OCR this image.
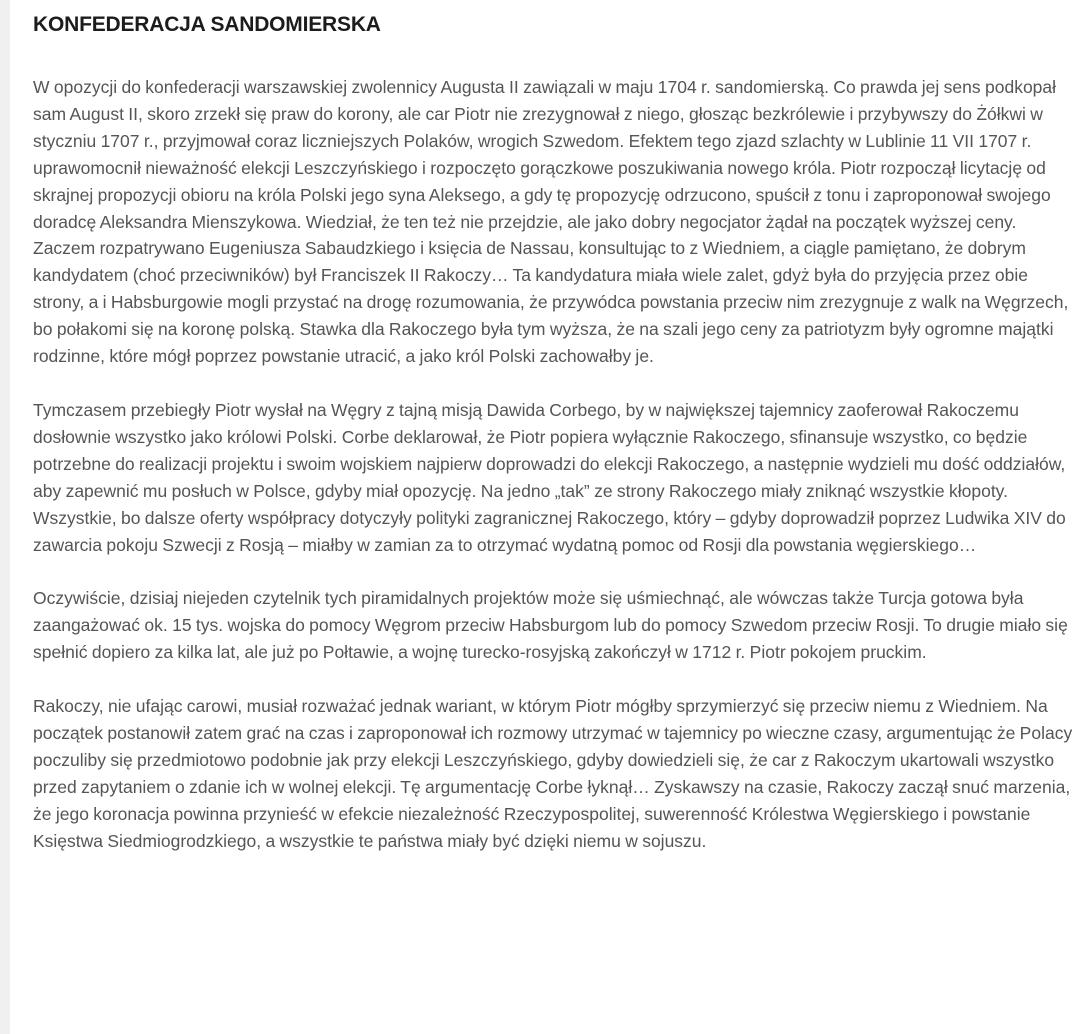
KONFEDERACJA SANDOMIERSKA

W opozycji do konfederacji warszawskiej zwolennicy Augusta II zawiązali w maju 1704 r. sandomierską. Co prawda jej sens podkopał sam August II, skoro zrzekł się praw do korony, ale car Piotr nie zrezygnował z niego, głosząc bezkrólewie i przybywszy do Żółkwi w styczniu 1707 r., przyjmował coraz liczniejszych Polaków, wrogich Szwedom. Efektem tego zjazd szlachty w Lublinie 11 VII 1707 r. uprawomocnił nieważność elekcji Leszczyńskiego i rozpoczęto gorączkowe poszukiwania nowego króla. Piotr rozpoczął licytację od skrajnej propozycji obioru na króla Polski jego syna Aleksego, a gdy tę propozycję odrzucono, spuścił z tonu i zaproponował swojego doradcę Aleksandra Mienszykowa. Wiedział, że ten też nie przejdzie, ale jako dobry negocjator żądał na początek wyższej ceny. Zaczem rozpatrywano Eugeniusza Sabaudzkiego i księcia de Nassau, konsultując to z Wiedniem, a ciągle pamiętano, że dobrym kandydatem (choć przeciwników) był Franciszek II Rakoczy… Ta kandydatura miała wiele zalet, gdyż była do przyjęcia przez obie strony, a i Habsburgowie mogli przystać na drogę rozumowania, że przywódca powstania przeciw nim zrezygnuje z walk na Węgrzech, bo połakomi się na koronę polską. Stawka dla Rakoczego była tym wyższa, że na szali jego ceny za patriotyzm były ogromne majątki rodzinne, które mógł poprzez powstanie utracić, a jako król Polski zachowałby je.

Tymczasem przebiegły Piotr wysłał na Węgry z tajną misją Dawida Corbego, by w największej tajemnicy zaoferował Rakoczemu dosłownie wszystko jako królowi Polski. Corbe deklarował, że Piotr popiera wyłącznie Rakoczego, sfinansuje wszystko, co będzie potrzebne do realizacji projektu i swoim wojskiem najpierw doprowadzi do elekcji Rakoczego, a następnie wydzieli mu dość oddziałów, aby zapewnić mu posłuch w Polsce, gdyby miał opozycję. Na jedno „tak” ze strony Rakoczego miały zniknąć wszystkie kłopoty. Wszystkie, bo dalsze oferty współpracy dotyczyły polityki zagranicznej Rakoczego, który – gdyby doprowadził poprzez Ludwika XIV do zawarcia pokoju Szwecji z Rosją – miałby w zamian za to otrzymać wydatną pomoc od Rosji dla powstania węgierskiego…

Oczywiście, dzisiaj niejeden czytelnik tych piramidalnych projektów może się uśmiechnąć, ale wówczas także Turcja gotowa była zaangażować ok. 15 tys. wojska do pomocy Węgrom przeciw Habsburgom lub do pomocy Szwedom przeciw Rosji. To drugie miało się spełnić dopiero za kilka lat, ale już po Połtawie, a wojnę turecko-rosyjską zakończył w 1712 r. Piotr pokojem pruckim.

Rakoczy, nie ufając carowi, musiał rozważać jednak wariant, w którym Piotr mógłby sprzymierzyć się przeciw niemu z Wiedniem. Na początek postanowił zatem grać na czas i zaproponował ich rozmowy utrzymać w tajemnicy po wieczne czasy, argumentując że Polacy poczuliby się przedmiotowo podobnie jak przy elekcji Leszczyńskiego, gdyby dowiedzieli się, że car z Rakoczym ukartowali wszystko przed zapytaniem o zdanie ich w wolnej elekcji. Tę argumentację Corbe łyknął… Zyskawszy na czasie, Rakoczy zaczął snuć marzenia, że jego koronacja powinna przynieść w efekcie niezależność Rzeczypospolitej, suwerenność Królestwa Węgierskiego i powstanie Księstwa Siedmiogrodzkiego, a wszystkie te państwa miały być dzięki niemu w sojuszu.
